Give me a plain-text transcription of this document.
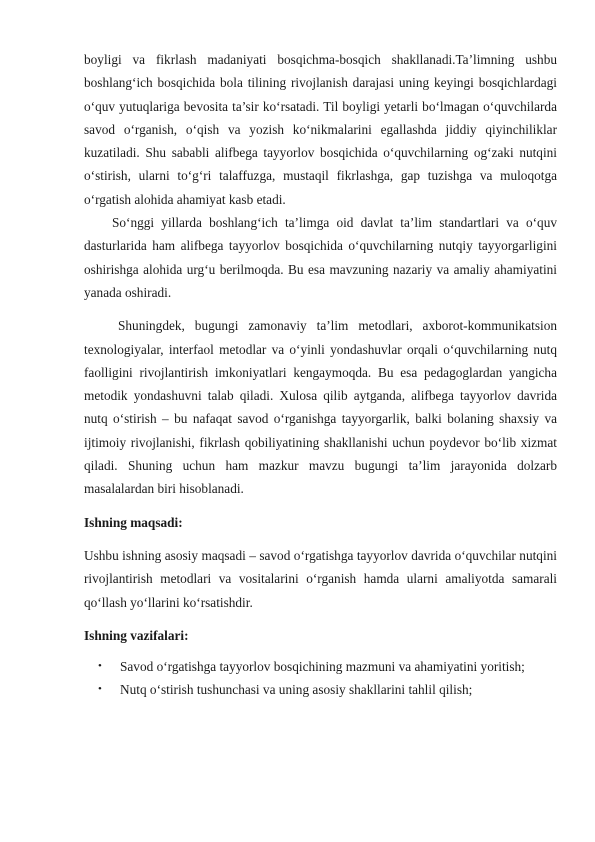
boyligi va fikrlash madaniyati bosqichma-bosqich shakllanadi.Ta’limning ushbu boshlang‘ich bosqichida bola tilining rivojlanish darajasi uning keyingi bosqichlardagi o‘quv yutuqlariga bevosita ta’sir ko‘rsatadi. Til boyligi yetarli bo‘lmagan o‘quvchilarda savod o‘rganish, o‘qish va yozish ko‘nikmalarini egallashda jiddiy qiyinchiliklar kuzatiladi. Shu sababli alifbega tayyorlov bosqichida o‘quvchilarning og‘zaki nutqini o‘stirish, ularni to‘g‘ri talaffuzga, mustaqil fikrlashga, gap tuzishga va muloqotga o‘rgatish alohida ahamiyat kasb etadi.

So‘nggi yillarda boshlang‘ich ta’limga oid davlat ta’lim standartlari va o‘quv dasturlarida ham alifbega tayyorlov bosqichida o‘quvchilarning nutqiy tayyorgarligini oshirishga alohida urg‘u berilmoqda. Bu esa mavzuning nazariy va amaliy ahamiyatini yanada oshiradi.

Shuningdek, bugungi zamonaviy ta’lim metodlari, axborot-kommunikatsion texnologiyalar, interfaol metodlar va o‘yinli yondashuvlar orqali o‘quvchilarning nutq faolligini rivojlantirish imkoniyatlari kengaymoqda. Bu esa pedagoglardan yangicha metodik yondashuvni talab qiladi. Xulosa qilib aytganda, alifbega tayyorlov davrida nutq o‘stirish – bu nafaqat savod o‘rganishga tayyorgarlik, balki bolaning shaxsiy va ijtimoiy rivojlanishi, fikrlash qobiliyatining shakllanishi uchun poydevor bo‘lib xizmat qiladi. Shuning uchun ham mazkur mavzu bugungi ta’lim jarayonida dolzarb masalalardan biri hisoblanadi.

Ishning maqsadi:

Ushbu ishning asosiy maqsadi – savod o‘rgatishga tayyorlov davrida o‘quvchilar nutqini rivojlantirish metodlari va vositalarini o‘rganish hamda ularni amaliyotda samarali qo‘llash yo‘llarini ko‘rsatishdir.

Ishning vazifalari:

• Savod o‘rgatishga tayyorlov bosqichining mazmuni va ahamiyatini yoritish;
• Nutq o‘stirish tushunchasi va uning asosiy shakllarini tahlil qilish;
